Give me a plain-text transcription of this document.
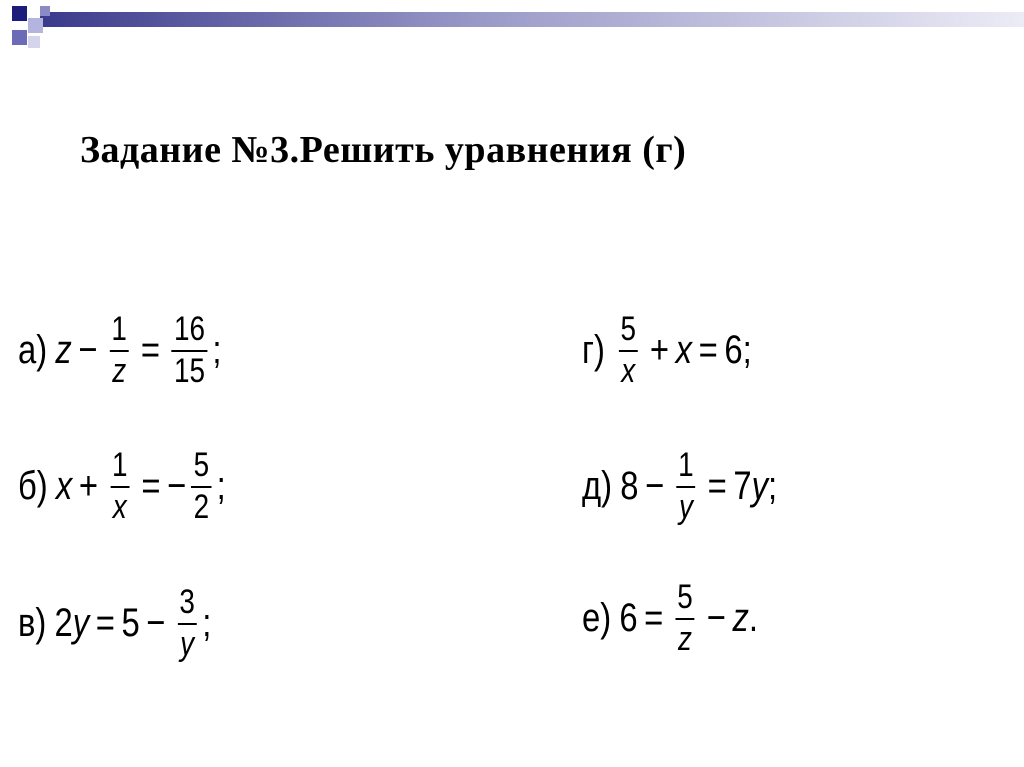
Задание №3.Решить уравнения (г)
а) $z - \frac{1}{z} = \frac{16}{15}$ ;
б) $x + \frac{1}{x}$ = − $\frac{5}{2}$ ;
в) 2 $y = 5 - \frac{3}{y}$ ;
$г) \frac{5}{x} + x = 6$ ;
д) $8 - \frac{1}{y} = 7$ y ;
е) $6 = \frac{5}{z} - z$ .
